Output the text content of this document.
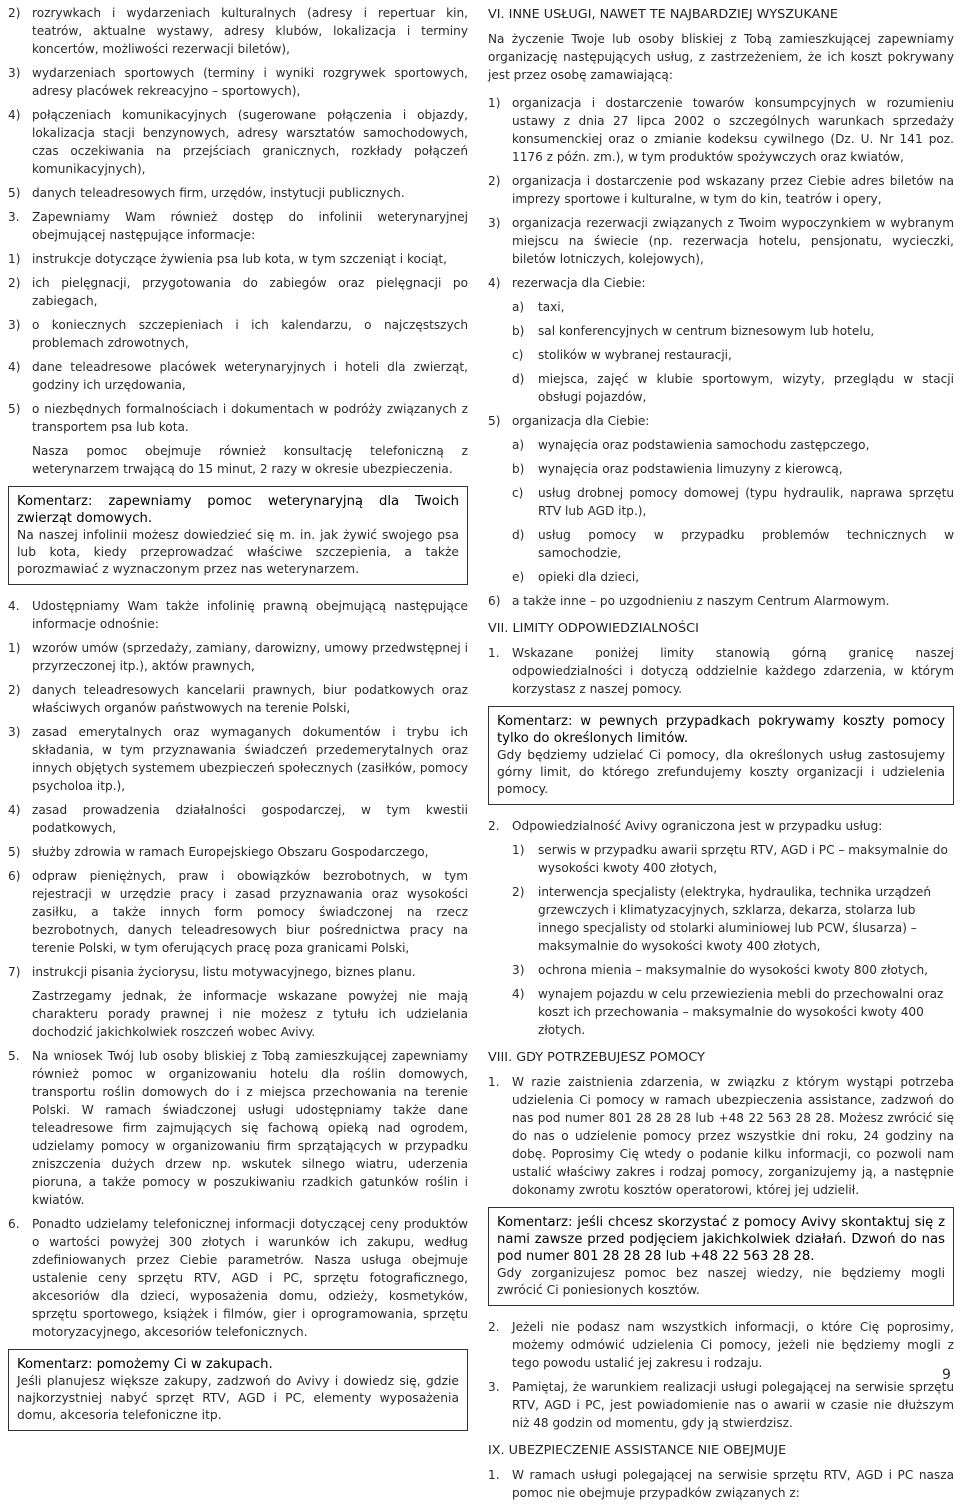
2) rozrywkach i wydarzeniach kulturalnych (adresy i repertuar kin, teatrów, aktualne wystawy, adresy klubów, lokalizacja i terminy koncertów, możliwości rezerwacji biletów),
3) wydarzeniach sportowych (terminy i wyniki rozgrywek sportowych, adresy placówek rekreacyjno – sportowych),
4) połączeniach komunikacyjnych (sugerowane połączenia i objazdy, lokalizacja stacji benzynowych, adresy warsztatów samochodowych, czas oczekiwania na przejściach granicznych, rozkłady połączeń komunikacyjnych),
5) danych teleadresowych firm, urzędów, instytucji publicznych.
3. Zapewniamy Wam również dostęp do infolinii weterynaryjnej obejmującej następujące informacje:
1) instrukcje dotyczące żywienia psa lub kota, w tym szczeniąt i kociąt,
2) ich pielęgnacji, przygotowania do zabiegów oraz pielęgnacji po zabiegach,
3) o koniecznych szczepieniach i ich kalendarzu, o najczęstszych problemach zdrowotnych,
4) dane teleadresowe placówek weterynaryjnych i hoteli dla zwierząt, godziny ich urzędowania,
5) o niezbędnych formalnościach i dokumentach w podróży związanych z transportem psa lub kota.
Nasza pomoc obejmuje również konsultację telefoniczną z weterynarzem trwającą do 15 minut, 2 razy w okresie ubezpieczenia.
Komentarz: zapewniamy pomoc weterynaryjną dla Twoich zwierząt domowych.
Na naszej infolinii możesz dowiedzieć się m. in. jak żywić swojego psa lub kota, kiedy przeprowadzać właściwe szczepienia, a także porozmawiać z wyznaczonym przez nas weterynarzem.
4. Udostępniamy Wam także infolinię prawną obejmującą następujące informacje odnośnie:
1) wzorów umów (sprzedaży, zamiany, darowizny, umowy przedwstępnej i przyrzeczonej itp.), aktów prawnych,
2) danych teleadresowych kancelarii prawnych, biur podatkowych oraz właściwych organów państwowych na terenie Polski,
3) zasad emerytalnych oraz wymaganych dokumentów i trybu ich składania, w tym przyznawania świadczeń przedemerytalnych oraz innych objętych systemem ubezpieczeń społecznych (zasiłków, pomocy psycholoa itp.),
4) zasad prowadzenia działalności gospodarczej, w tym kwestii podatkowych,
5) służby zdrowia w ramach Europejskiego Obszaru Gospodarczego,
6) odpraw pieniężnych, praw i obowiązków bezrobotnych, w tym rejestracji w urzędzie pracy i zasad przyznawania oraz wysokości zasiłku, a także innych form pomocy świadczonej na rzecz bezrobotnych, danych teleadresowych biur pośrednictwa pracy na terenie Polski, w tym oferujących pracę poza granicami Polski,
7) instrukcji pisania życiorysu, listu motywacyjnego, biznes planu.
Zastrzegamy jednak, że informacje wskazane powyżej nie mają charakteru porady prawnej i nie możesz z tytułu ich udzielania dochodzić jakichkolwiek roszczeń wobec Avivy.
5. Na wniosek Twój lub osoby bliskiej z Tobą zamieszkującej zapewniamy również pomoc w organizowaniu hotelu dla roślin domowych, transportu roślin domowych do i z miejsca przechowania na terenie Polski. W ramach świadczonej usługi udostępniamy także dane teleadresowe firm zajmujących się fachową opieką nad ogrodem, udzielamy pomocy w organizowaniu firm sprzątających w przypadku zniszczenia dużych drzew np. wskutek silnego wiatru, uderzenia pioruna, a także pomocy w poszukiwaniu rzadkich gatunków roślin i kwiatów.
6. Ponadto udzielamy telefonicznej informacji dotyczącej ceny produktów o wartości powyżej 300 złotych i warunków ich zakupu, według zdefiniowanych przez Ciebie parametrów. Nasza usługa obejmuje ustalenie ceny sprzętu RTV, AGD i PC, sprzętu fotograficznego, akcesoriów dla dzieci, wyposażenia domu, odzieży, kosmetyków, sprzętu sportowego, książek i filmów, gier i oprogramowania, sprzętu motoryzacyjnego, akcesoriów telefonicznych.
Komentarz: pomożemy Ci w zakupach.
Jeśli planujesz większe zakupy, zadzwoń do Avivy i dowiedz się, gdzie najkorzystniej nabyć sprzęt RTV, AGD i PC, elementy wyposażenia domu, akcesoria telefoniczne itp.
VI. INNE USŁUGI, NAWET TE NAJBARDZIEJ WYSZUKANE
Na życzenie Twoje lub osoby bliskiej z Tobą zamieszkującej zapewniamy organizację następujących usług, z zastrzeżeniem, że ich koszt pokrywany jest przez osobę zamawiającą:
1) organizacja i dostarczenie towarów konsumpcyjnych w rozumieniu ustawy z dnia 27 lipca 2002 o szczególnych warunkach sprzedaży konsumenckiej oraz o zmianie kodeksu cywilnego (Dz. U. Nr 141 poz. 1176 z późn. zm.), w tym produktów spożywczych oraz kwiatów,
2) organizacja i dostarczenie pod wskazany przez Ciebie adres biletów na imprezy sportowe i kulturalne, w tym do kin, teatrów i opery,
3) organizacja rezerwacji związanych z Twoim wypoczynkiem w wybranym miejscu na świecie (np. rezerwacja hotelu, pensjonatu, wycieczki, biletów lotniczych, kolejowych),
4) rezerwacja dla Ciebie:
a) taxi,
b) sal konferencyjnych w centrum biznesowym lub hotelu,
c) stolików w wybranej restauracji,
d) miejsca, zajęć w klubie sportowym, wizyty, przeglądu w stacji obsługi pojazdów,
5) organizacja dla Ciebie:
a) wynajęcia oraz podstawienia samochodu zastępczego,
b) wynajęcia oraz podstawienia limuzyny z kierowcą,
c) usług drobnej pomocy domowej (typu hydraulik, naprawa sprzętu RTV lub AGD itp.),
d) usług pomocy w przypadku problemów technicznych w samochodzie,
e) opieki dla dzieci,
6) a także inne – po uzgodnieniu z naszym Centrum Alarmowym.
VII. LIMITY ODPOWIEDZIALNOŚCI
1. Wskazane poniżej limity stanowią górną granicę naszej odpowiedzialności i dotyczą oddzielnie każdego zdarzenia, w którym korzystasz z naszej pomocy.
Komentarz: w pewnych przypadkach pokrywamy koszty pomocy tylko do określonych limitów.
Gdy będziemy udzielać Ci pomocy, dla określonych usług zastosujemy górny limit, do którego zrefundujemy koszty organizacji i udzielenia pomocy.
2. Odpowiedzialność Avivy ograniczona jest w przypadku usług:
1) serwis w przypadku awarii sprzętu RTV, AGD i PC – maksymalnie do wysokości kwoty 400 złotych,
2) interwencja specjalisty (elektryka, hydraulika, technika urządzeń grzewczych i klimatyzacyjnych, szklarza, dekarza, stolarza lub innego specjalisty od stolarki aluminiowej lub PCW, ślusarza) – maksymalnie do wysokości kwoty 400 złotych,
3) ochrona mienia – maksymalnie do wysokości kwoty 800 złotych,
4) wynajem pojazdu w celu przewiezienia mebli do przechowalni oraz koszt ich przechowania – maksymalnie do wysokości kwoty 400 złotych.
VIII. GDY POTRZEBUJESZ POMOCY
1. W razie zaistnienia zdarzenia, w związku z którym wystąpi potrzeba udzielenia Ci pomocy w ramach ubezpieczenia assistance, zadzwoń do nas pod numer 801 28 28 28 lub +48 22 563 28 28. Możesz zwrócić się do nas o udzielenie pomocy przez wszystkie dni roku, 24 godziny na dobę. Poprosimy Cię wtedy o podanie kilku informacji, co pozwoli nam ustalić właściwy zakres i rodzaj pomocy, zorganizujemy ją, a następnie dokonamy zwrotu kosztów operatorowi, której jej udzielił.
Komentarz: jeśli chcesz skorzystać z pomocy Avivy skontaktuj się z nami zawsze przed podjęciem jakichkolwiek działań. Dzwoń do nas pod numer 801 28 28 28 lub +48 22 563 28 28.
Gdy zorganizujesz pomoc bez naszej wiedzy, nie będziemy mogli zwrócić Ci poniesionych kosztów.
2. Jeżeli nie podasz nam wszystkich informacji, o które Cię poprosimy, możemy odmówić udzielenia Ci pomocy, jeżeli nie będziemy mogli z tego powodu ustalić jej zakresu i rodzaju.
3. Pamiętaj, że warunkiem realizacji usługi polegającej na serwisie sprzętu RTV, AGD i PC, jest powiadomienie nas o awarii w czasie nie dłuższym niż 48 godzin od momentu, gdy ją stwierdzisz.
IX. UBEZPIECZENIE ASSISTANCE NIE OBEJMUJE
1. W ramach usługi polegającej na serwisie sprzętu RTV, AGD i PC nasza pomoc nie obejmuje przypadków związanych z:
9
